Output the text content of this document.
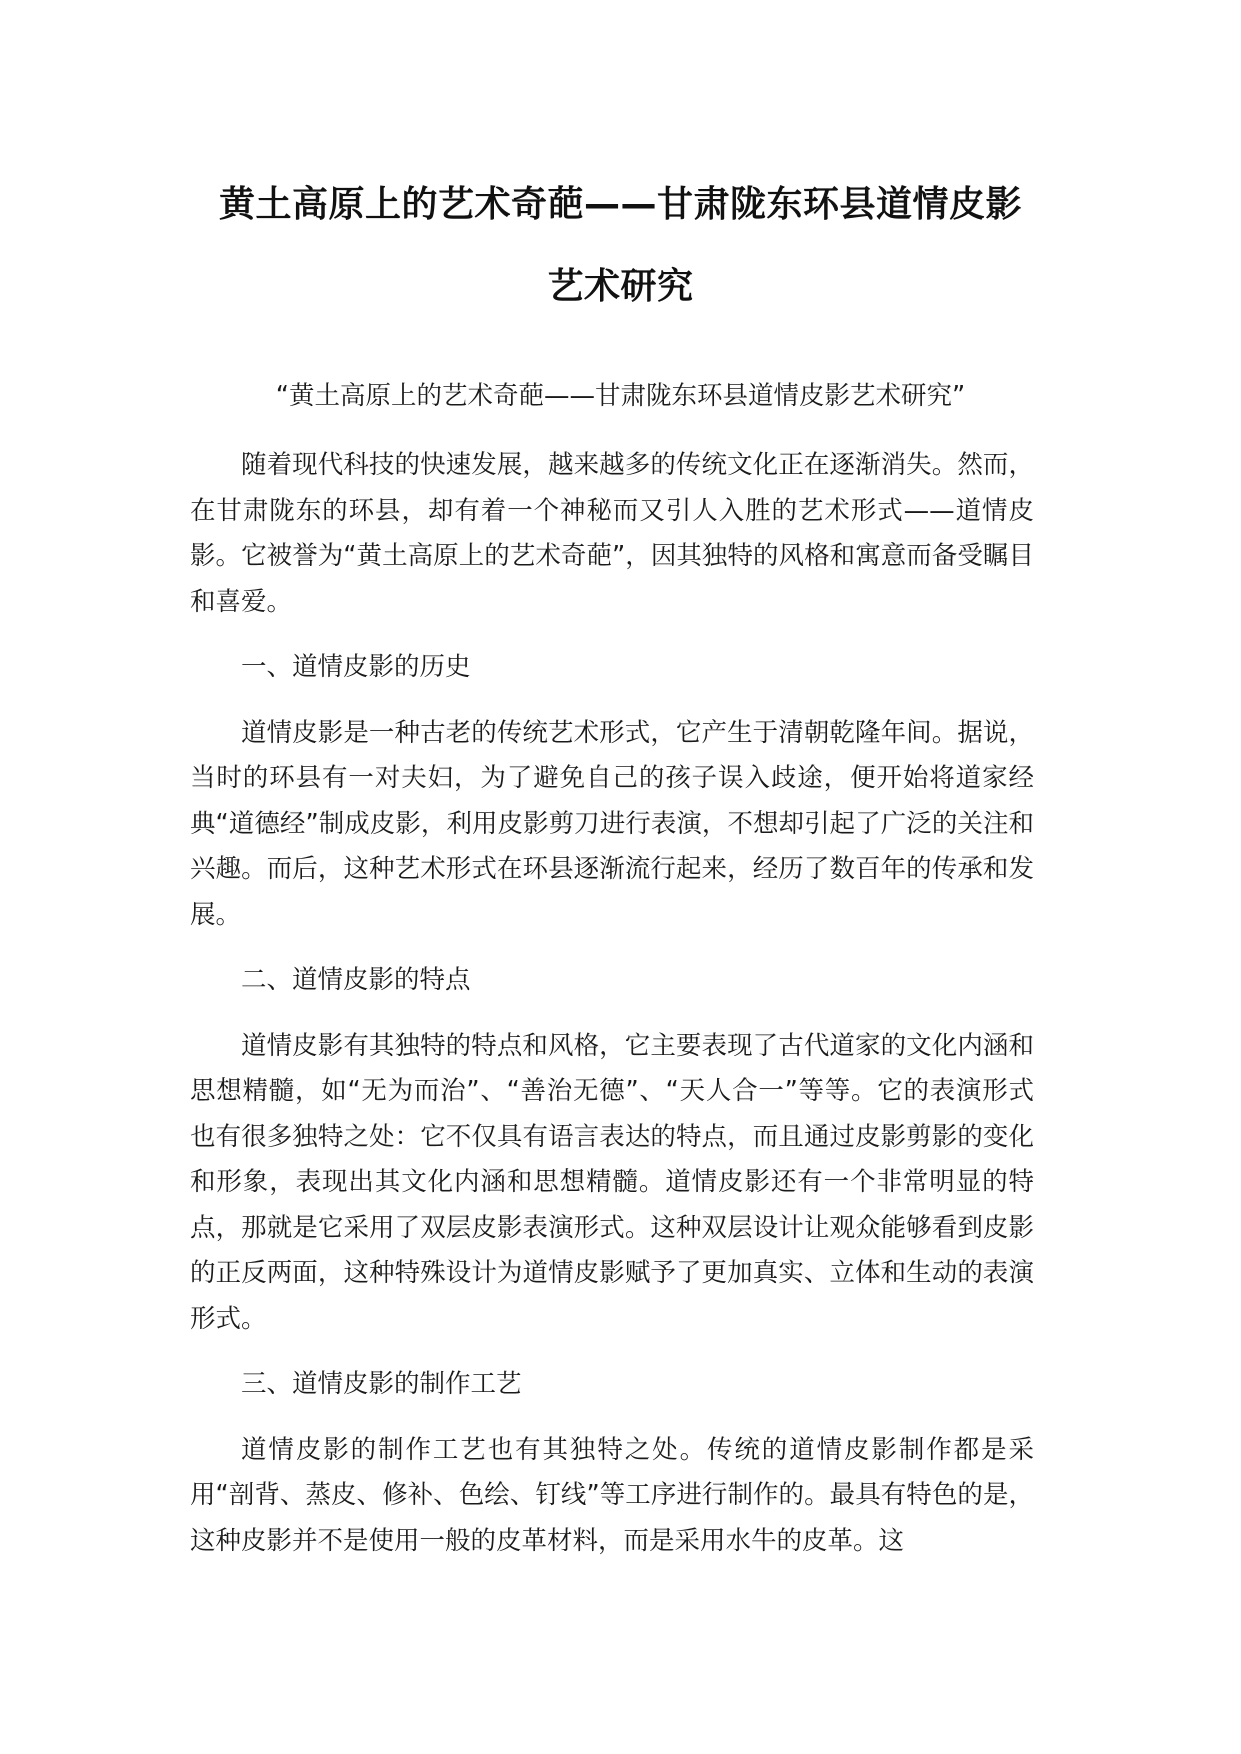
黄土高原上的艺术奇葩——甘肃陇东环县道情皮影
艺术研究
“黄土高原上的艺术奇葩——甘肃陇东环县道情皮影艺术研究”

随着现代科技的快速发展，越来越多的传统文化正在逐渐消失。然而，在甘肃陇东的环县，却有着一个神秘而又引人入胜的艺术形式——道情皮影。它被誉为“黄土高原上的艺术奇葩”，因其独特的风格和寓意而备受瞩目和喜爱。

一、道情皮影的历史

道情皮影是一种古老的传统艺术形式，它产生于清朝乾隆年间。据说，当时的环县有一对夫妇，为了避免自己的孩子误入歧途，便开始将道家经典“道德经”制成皮影，利用皮影剪刀进行表演，不想却引起了广泛的关注和兴趣。而后，这种艺术形式在环县逐渐流行起来，经历了数百年的传承和发展。

二、道情皮影的特点

道情皮影有其独特的特点和风格，它主要表现了古代道家的文化内涵和思想精髓，如“无为而治”、“善治无德”、“天人合一”等等。它的表演形式也有很多独特之处：它不仅具有语言表达的特点，而且通过皮影剪影的变化和形象，表现出其文化内涵和思想精髓。道情皮影还有一个非常明显的特点，那就是它采用了双层皮影表演形式。这种双层设计让观众能够看到皮影的正反两面，这种特殊设计为道情皮影赋予了更加真实、立体和生动的表演形式。

三、道情皮影的制作工艺

道情皮影的制作工艺也有其独特之处。传统的道情皮影制作都是采用“剖背、蒸皮、修补、色绘、钉线”等工序进行制作的。最具有特色的是，这种皮影并不是使用一般的皮革材料，而是采用水牛的皮革。这
